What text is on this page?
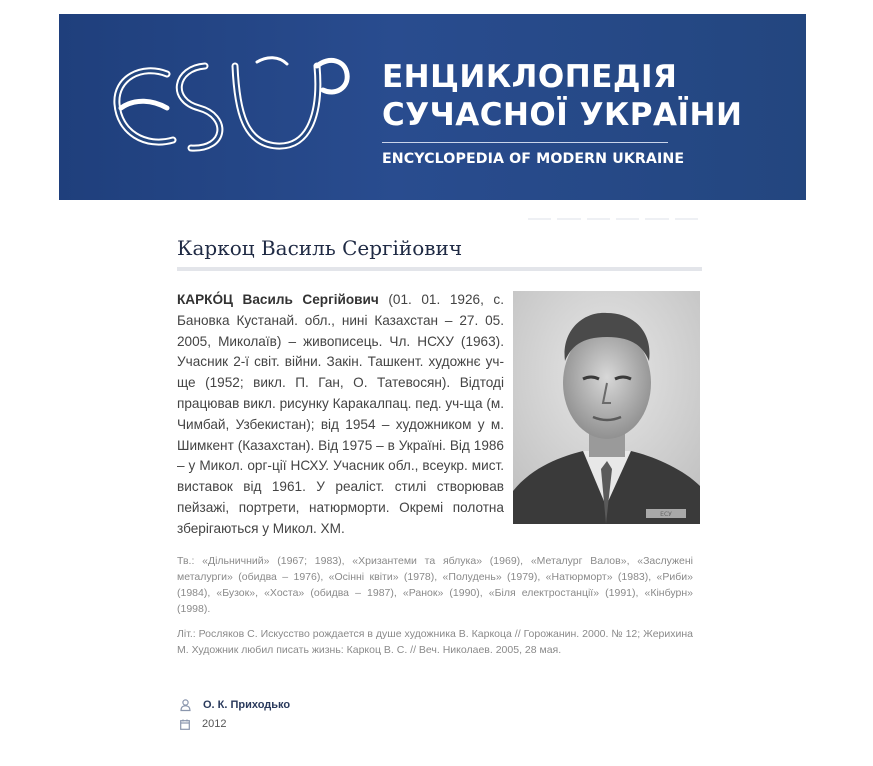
ЕСУ
ЕНЦИКЛОПЕДІЯ
СУЧАСНОЇ УКРАЇНИ
ENCYCLOPEDIA OF MODERN UKRAINE
Каркоц Василь Сергійович
ЕСУ
КАРКО́Ц Василь Сергійович (01. 01. 1926, с. Бановка Кустанай. обл., нині Казахстан – 27. 05. 2005, Миколаїв) – живописець. Чл. НСХУ (1963). Учасник 2-ї світ. війни. Закін. Ташкент. художнє уч-ще (1952; викл. П. Ган, О. Татевосян). Відтоді працював викл. рисунку Каракалпац. пед. уч-ща (м. Чимбай, Узбекистан); від 1954 – художником у м. Шимкент (Казахстан). Від 1975 – в Україні. Від 1986 – у Микол. орг-ції НСХУ. Учасник обл., всеукр. мист. виставок від 1961. У реаліст. стилі створював пейзажі, портрети, натюрморти. Окремі полотна зберігаються у Микол. ХМ.
Тв.: «Дільничний» (1967; 1983), «Хризантеми та яблука» (1969), «Металург Валов», «Заслужені металурги» (обидва – 1976), «Осінні квіти» (1978), «Полудень» (1979), «Натюрморт» (1983), «Риби» (1984), «Бузок», «Хоста» (обидва – 1987), «Ранок» (1990), «Біля електростанції» (1991), «Кінбурн» (1998).
Літ.: Росляков С. Искусство рождается в душе художника В. Каркоца // Горожанин. 2000. № 12; Жерихина М. Художник любил писать жизнь: Каркоц В. С. // Веч. Николаев. 2005, 28 мая.
О. К. Приходько
2012
